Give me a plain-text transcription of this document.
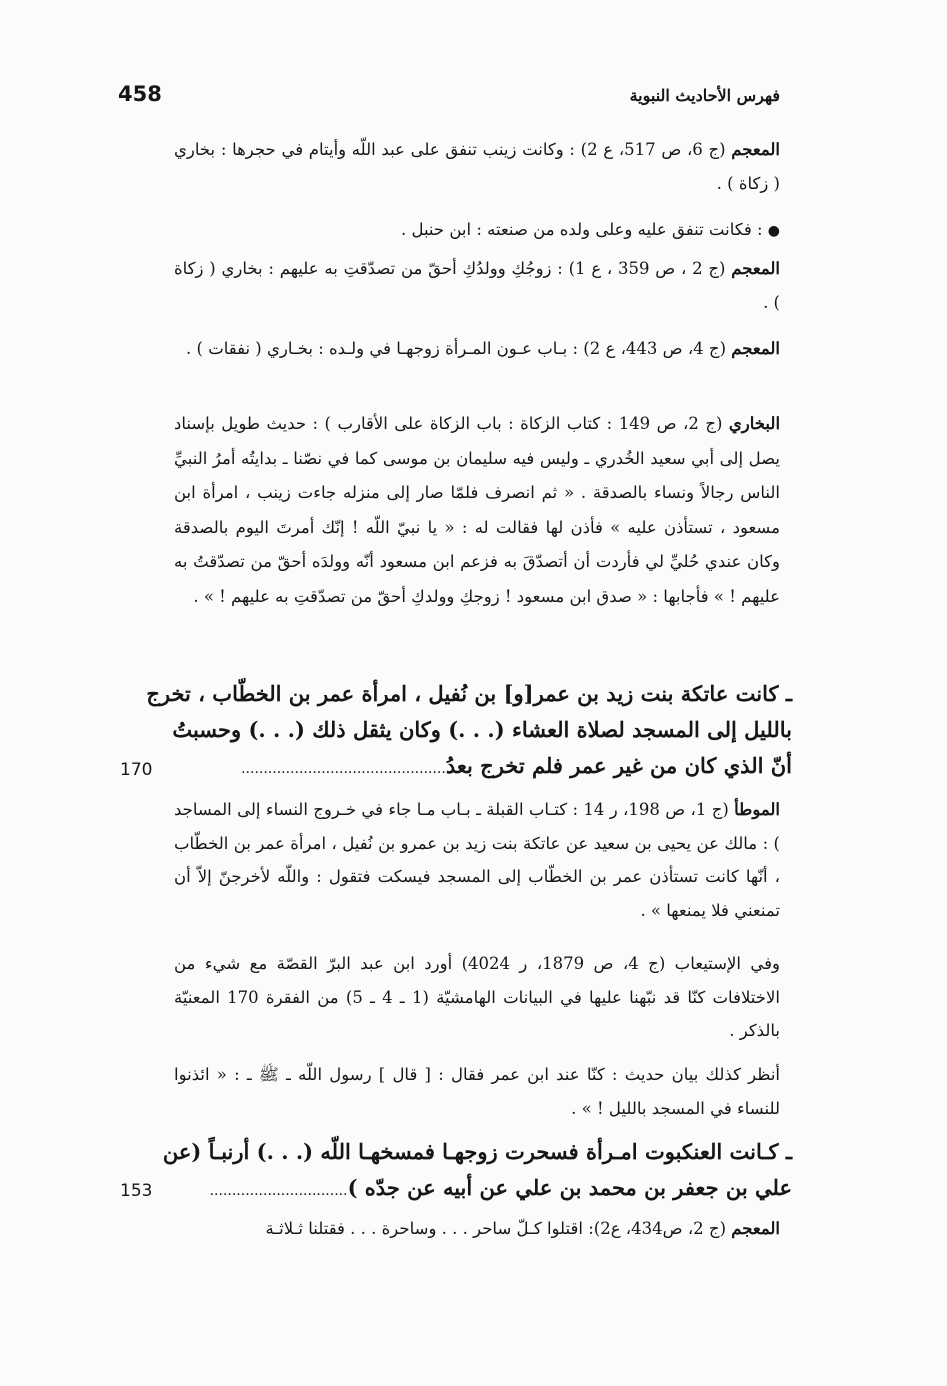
458	فهرس الأحاديث النبوية

المعجم (ج 6، ص 517، ع 2) : وكانت زينب تنفق على عبد اللّه وأيتام في حجرها : بخاري ( زكاة ) .

● : فكانت تنفق عليه وعلى ولده من صنعته : ابن حنبل .

المعجم (ج 2 ، ص 359 ، ع 1) : زوجُكِ وولدُكِ أحقّ من تصدّقتِ به عليهم : بخاري ( زكاة ) .

المعجم (ج 4، ص 443، ع 2) : بـاب عـون المـرأة زوجهـا في ولـده : بخـاري ( نفقات ) .

البخاري (ج 2، ص 149 : كتاب الزكاة : باب الزكاة على الأقارب ) : حديث طويل بإسناد يصل إلى أبي سعيد الخُدري ـ وليس فيه سليمان بن موسى كما في نصّنا ـ بدايتُه أمرُ النبيِّ الناس رجالاً ونساء بالصدقة . « ثم انصرف فلمّا صار إلى منزله جاءت زينب ، امرأة ابن مسعود ، تستأذن عليه » فأذن لها فقالت له : « يا نبيّ اللّه ! إنّك أمرتَ اليوم بالصدقة وكان عندي حُليِّ لي فأردت أن أتصدّقَ به فزعم ابن مسعود أنّه وولدَه أحقّ من تصدّقتُ به عليهم ! » فأجابها : « صدق ابن مسعود ! زوجكِ وولدكِ أحقّ من تصدّقتِ به عليهم ! » .

ـ كانت عاتكة بنت زيد بن عمر[و] بن نُفيل ، امرأة عمر بن الخطّاب ، تخرج
بالليل إلى المسجد لصلاة العشاء (. . .) وكان يثقل ذلك (. . .) وحسبتُ
أنّ الذي كان من غير عمر فلم تخرج بعدُ..............................................
170

الموطأ (ج 1، ص 198، ر 14 : كتـاب القبلة ـ بـاب مـا جاء في خـروج النساء إلى المساجد ) : مالك عن يحيى بن سعيد عن عاتكة بنت زيد بن عمرو بن نُفيل ، امرأة عمر بن الخطّاب ، أنّها كانت تستأذن عمر بن الخطّاب إلى المسجد فيسكت فتقول : واللّه لأخرجنّ إلاّ أن تمنعني فلا يمنعها » .

وفي الإستيعاب (ج 4، ص 1879، ر 4024) أورد ابن عبد البرّ القصّة مع شيء من الاختلافات كنّا قد نبّهنا عليها في البيانات الهامشيّة (1 ـ 4 ـ 5) من الفقرة 170 المعنيّة بالذكر .

أنظر كذلك بيان حديث : كنّا عند ابن عمر فقال : [ قال ] رسول اللّه ـ ﷺ ـ : « ائذنوا للنساء في المسجد بالليل ! » .

ـ كـانت العنكبوت امـرأة فسحرت زوجهـا فمسخهـا اللّه (. . .) أرنبـاً (عن
علي بن جعفر بن محمد بن علي عن أبيه عن جدّه )...............................
153

المعجم (ج 2، ص434، ع2): اقتلوا كـلّ ساحر . . . وساحرة . . . فقتلنا ثـلاثـة
